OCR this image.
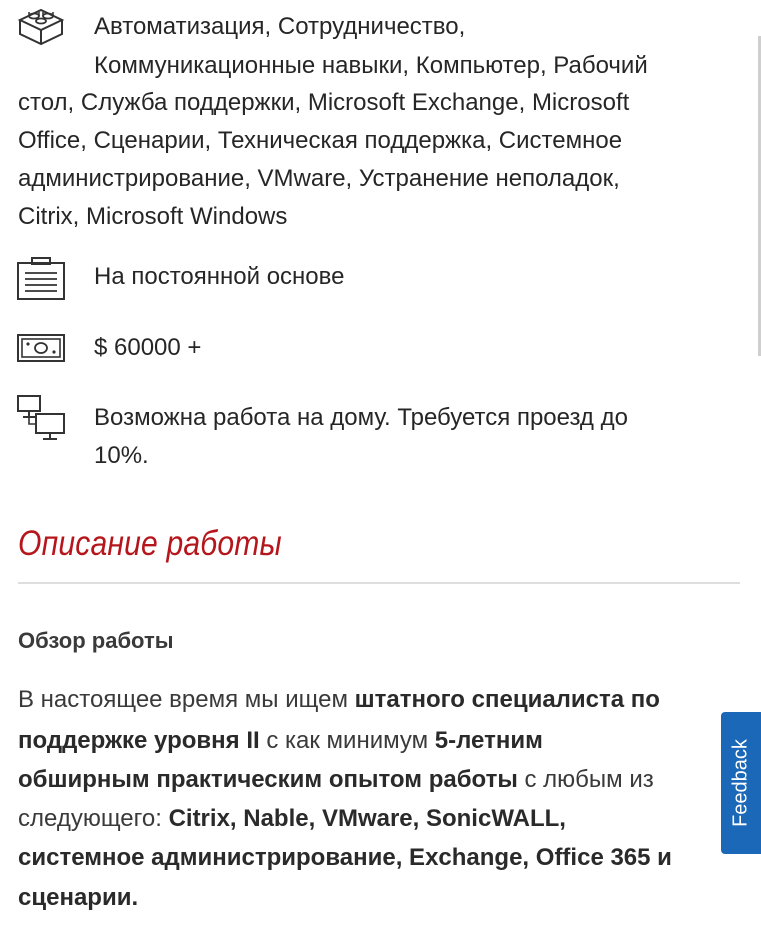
Автоматизация, Сотрудничество,
Коммуникационные навыки, Компьютер, Рабочий
стол, Служба поддержки, Microsoft Exchange, Microsoft
Office, Сценарии, Техническая поддержка, Системное
администрирование, VMware, Устранение неполадок,
Citrix, Microsoft Windows
На постоянной основе
$ 60000 +
Возможна работа на дому. Требуется проезд до
10%.
Описание работы
Обзор работы
В настоящее время мы ищем штатного специалиста по
поддержке уровня II с как минимум 5-летним
обширным практическим опытом работы с любым из
следующего: Citrix, Nable, VMware, SonicWALL,
системное администрирование, Exchange, Office 365 и
сценарии.
Feedback
